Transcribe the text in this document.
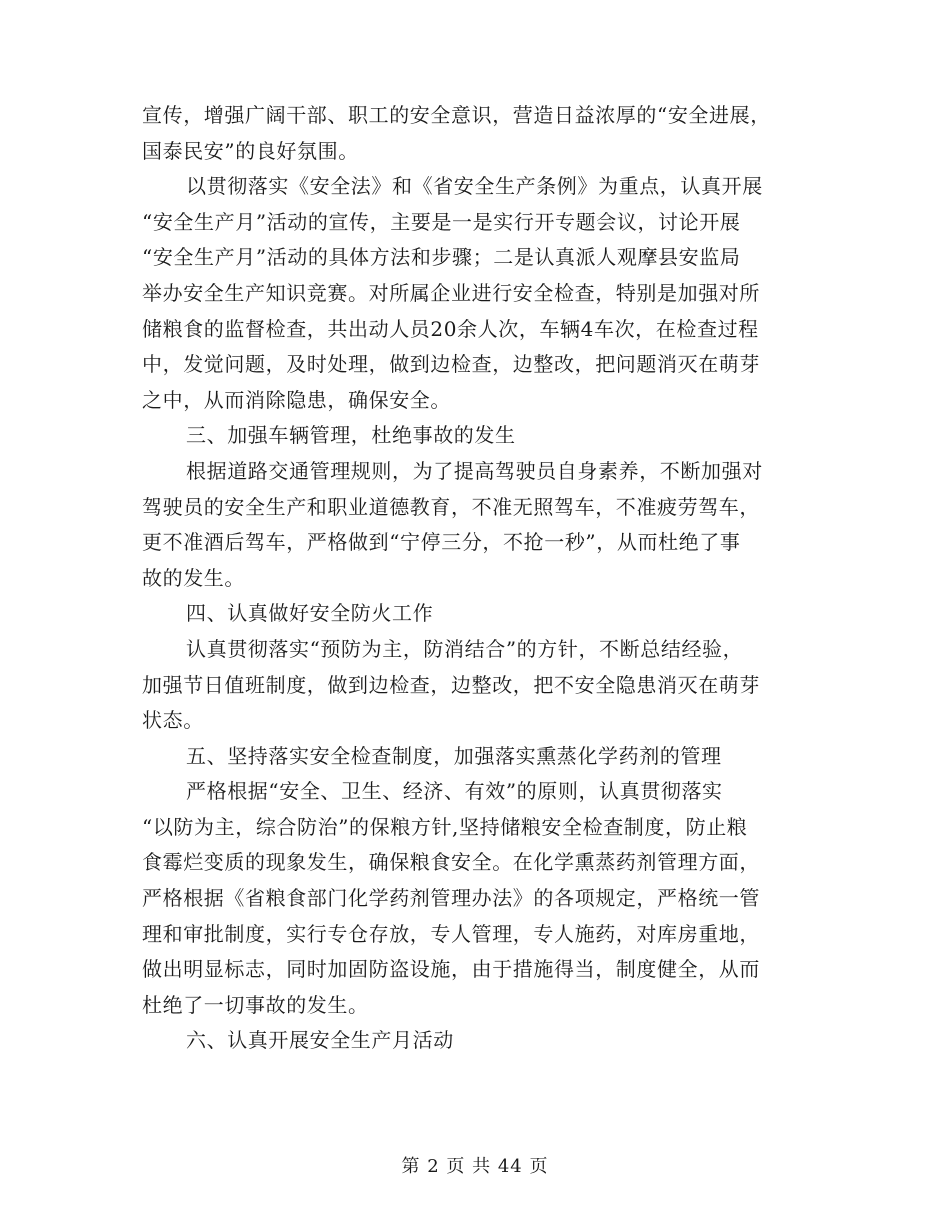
宣传，增强广阔干部、职工的安全意识，营造日益浓厚的“安全进展，
国泰民安”的良好氛围。
以贯彻落实《安全法》和《省安全生产条例》为重点，认真开展
“安全生产月”活动的宣传，主要是一是实行开专题会议，讨论开展
“安全生产月”活动的具体方法和步骤；二是认真派人观摩县安监局
举办安全生产知识竞赛。对所属企业进行安全检查，特别是加强对所
储粮食的监督检查，共出动人员20余人次，车辆4车次，在检查过程
中，发觉问题，及时处理，做到边检查，边整改，把问题消灭在萌芽
之中，从而消除隐患，确保安全。
三、加强车辆管理，杜绝事故的发生
根据道路交通管理规则，为了提高驾驶员自身素养，不断加强对
驾驶员的安全生产和职业道德教育，不准无照驾车，不准疲劳驾车，
更不准酒后驾车，严格做到“宁停三分，不抢一秒”，从而杜绝了事
故的发生。
四、认真做好安全防火工作
认真贯彻落实“预防为主，防消结合”的方针，不断总结经验，
加强节日值班制度，做到边检查，边整改，把不安全隐患消灭在萌芽
状态。
五、坚持落实安全检查制度，加强落实熏蒸化学药剂的管理
严格根据“安全、卫生、经济、有效”的原则，认真贯彻落实
“以防为主，综合防治”的保粮方针,坚持储粮安全检查制度，防止粮
食霉烂变质的现象发生，确保粮食安全。在化学熏蒸药剂管理方面，
严格根据《省粮食部门化学药剂管理办法》的各项规定，严格统一管
理和审批制度，实行专仓存放，专人管理，专人施药，对库房重地，
做出明显标志，同时加固防盗设施，由于措施得当，制度健全，从而
杜绝了一切事故的发生。
六、认真开展安全生产月活动
第 2 页 共 44 页
